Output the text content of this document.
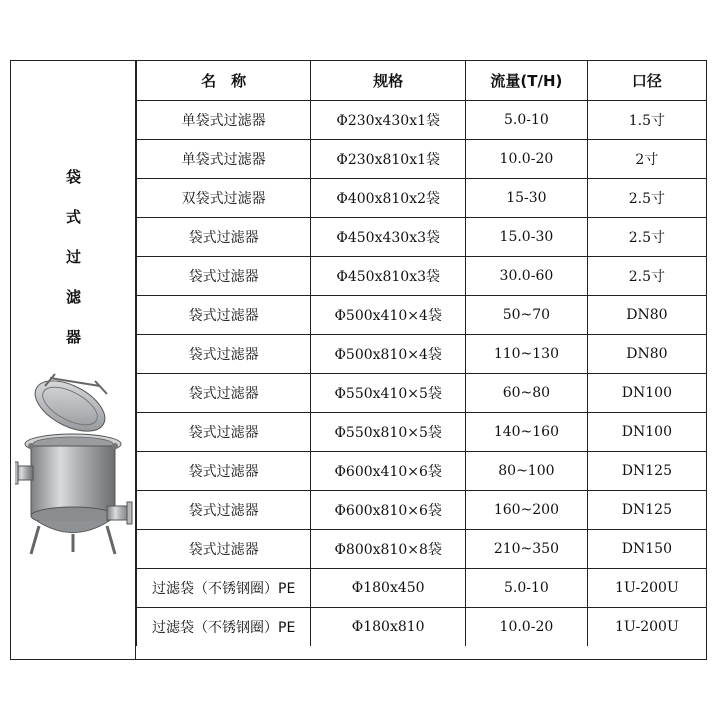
袋
式
过
滤
器
名　称	规格	流量(T/H)	口径
单袋式过滤器	Φ230x430x1袋	5.0-10	1.5寸
单袋式过滤器	Φ230x810x1袋	10.0-20	2寸
双袋式过滤器	Φ400x810x2袋	15-30	2.5寸
袋式过滤器	Φ450x430x3袋	15.0-30	2.5寸
袋式过滤器	Φ450x810x3袋	30.0-60	2.5寸
袋式过滤器	Φ500x410×4袋	50~70	DN80
袋式过滤器	Φ500x810×4袋	110~130	DN80
袋式过滤器	Φ550x410×5袋	60~80	DN100
袋式过滤器	Φ550x810×5袋	140~160	DN100
袋式过滤器	Φ600x410×6袋	80~100	DN125
袋式过滤器	Φ600x810×6袋	160~200	DN125
袋式过滤器	Φ800x810×8袋	210~350	DN150
过滤袋（不锈钢圈）PE	Φ180x450	5.0-10	1U-200U
过滤袋（不锈钢圈）PE	Φ180x810	10.0-20	1U-200U
